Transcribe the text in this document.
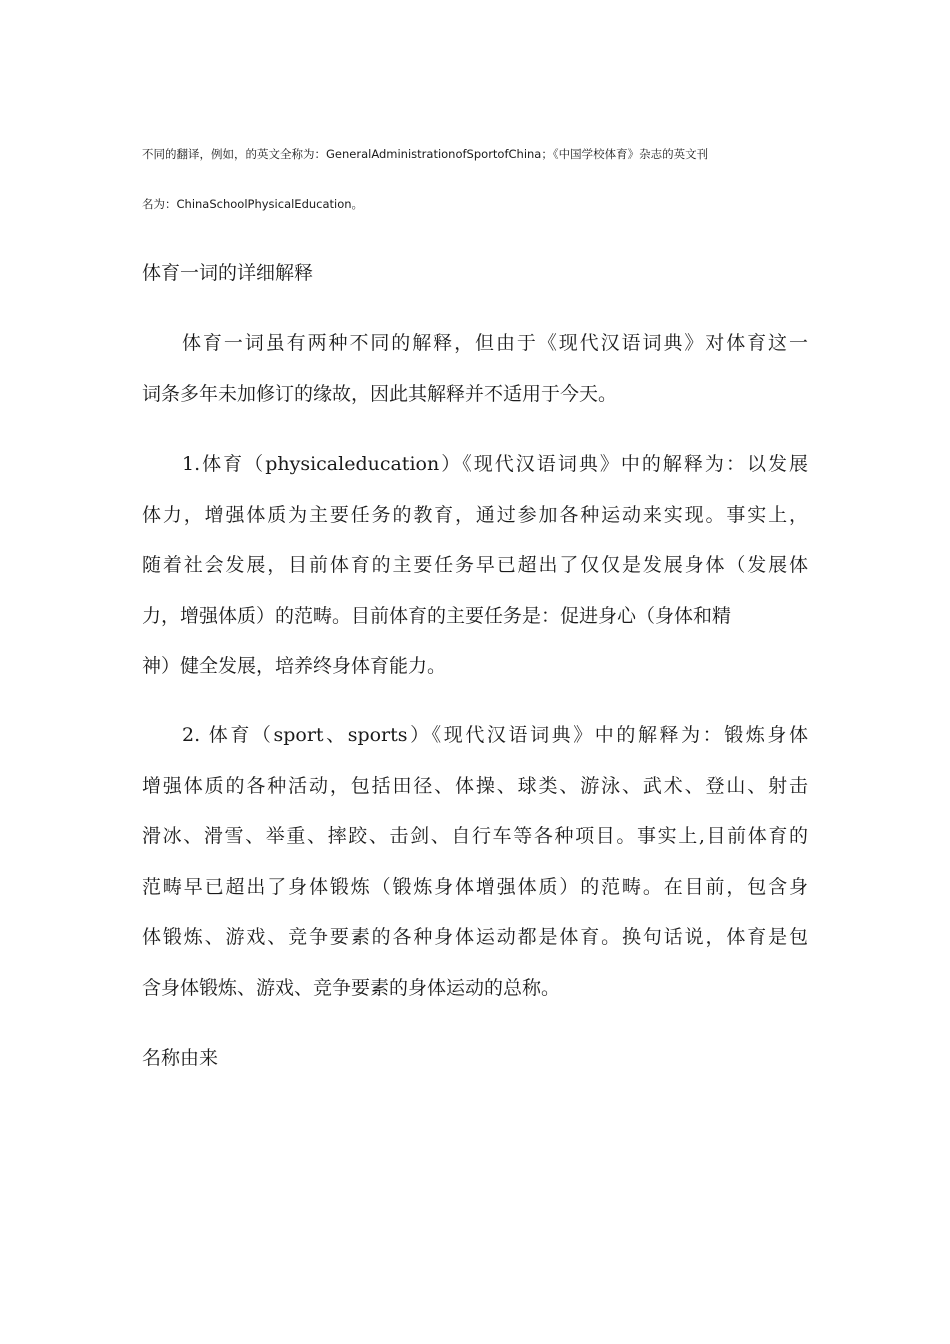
不同的翻译，例如，的英文全称为：GeneralAdministrationofSportofChina；《中国学校体育》杂志的英文刊
名为：ChinaSchoolPhysicalEducation。
体育一词的详细解释
体育一词虽有两种不同的解释，但由于《现代汉语词典》对体育这一
词条多年未加修订的缘故，因此其解释并不适用于今天。
1.体育（physicaleducation）《现代汉语词典》中的解释为：以发展
体力，增强体质为主要任务的教育，通过参加各种运动来实现。事实上，
随着社会发展，目前体育的主要任务早已超出了仅仅是发展身体（发展体
力，增强体质）的范畴。目前体育的主要任务是：促进身心（身体和精
神）健全发展，培养终身体育能力。
2. 体育（sport、sports）《现代汉语词典》中的解释为：锻炼身体
增强体质的各种活动，包括田径、体操、球类、游泳、武术、登山、射击
滑冰、滑雪、举重、摔跤、击剑、自行车等各种项目。事实上,目前体育的
范畴早已超出了身体锻炼（锻炼身体增强体质）的范畴。在目前，包含身
体锻炼、游戏、竞争要素的各种身体运动都是体育。换句话说，体育是包
含身体锻炼、游戏、竞争要素的身体运动的总称。
名称由来
